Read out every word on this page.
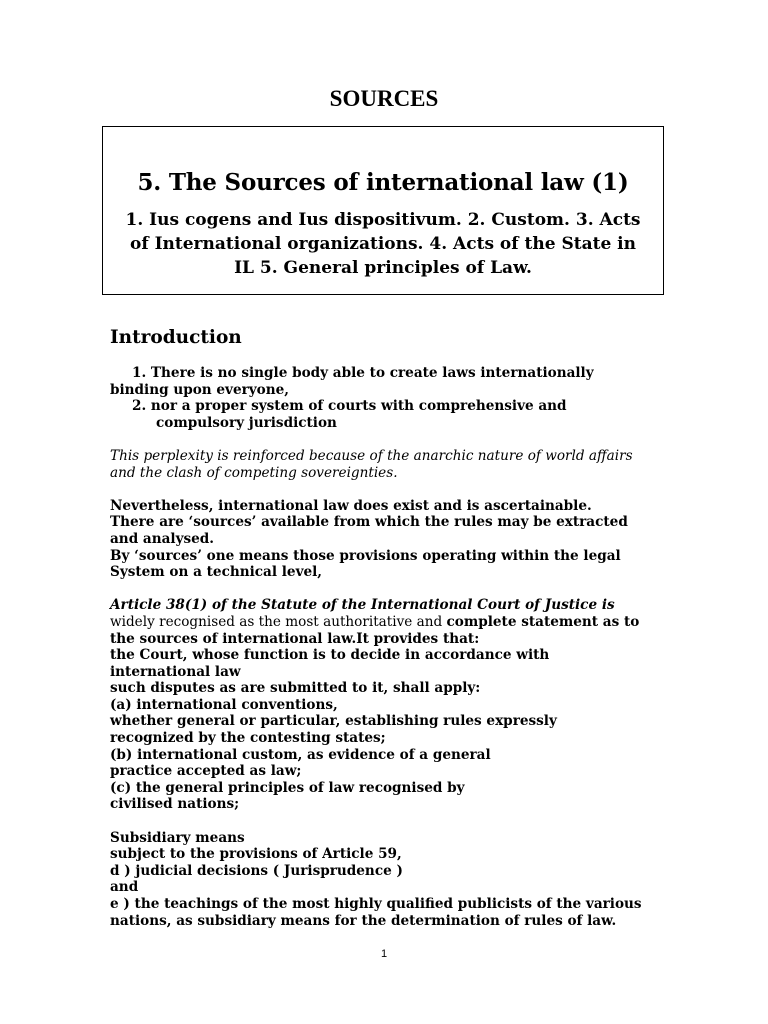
SOURCES
5. The Sources of international law (1)
1. Ius cogens and Ius dispositivum. 2. Custom. 3. Acts of International organizations. 4. Acts of the State in IL 5. General principles of Law.
Introduction

1. There is no single body able to create laws internationally

binding upon everyone,

2. nor a proper system of courts with comprehensive and

compulsory jurisdiction

This perplexity is reinforced because of the anarchic nature of world affairs

and the clash of competing sovereignties.

Nevertheless, international law does exist and is ascertainable.

There are ‘sources’ available from which the rules may be extracted

and analysed.

By ‘sources’ one means those provisions operating within the legal

System on a technical level,

Article 38(1) of the Statute of the International Court of Justice is

widely recognised as the most authoritative and complete statement as to

the sources of international law.It provides that:

the Court, whose function is to decide in accordance with

international law

such disputes as are submitted to it, shall apply:

(a) international conventions,

whether general or particular, establishing rules expressly

recognized by the contesting states;

(b) international custom, as evidence of a general

practice accepted as law;

(c) the general principles of law recognised by

civilised nations;

Subsidiary means

subject to the provisions of Article 59,

d ) judicial decisions ( Jurisprudence )

and

e ) the teachings of the most highly qualified publicists of the various

nations, as subsidiary means for the determination of rules of law.

1
